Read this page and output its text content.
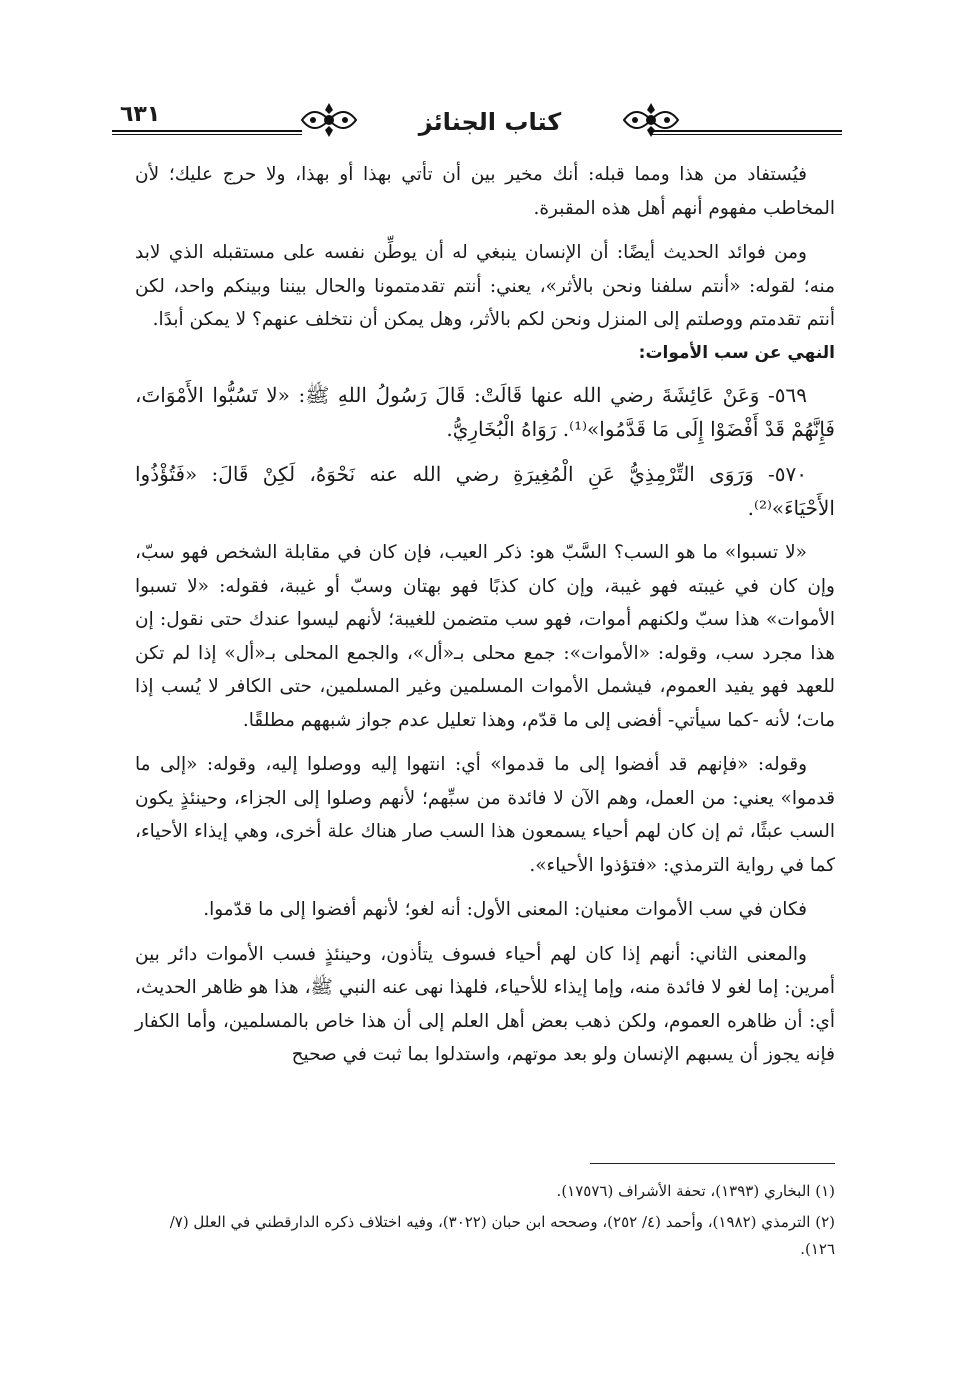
٦٣١	كتاب الجنائز

فيُستفاد من هذا ومما قبله: أنك مخير بين أن تأتي بهذا أو بهذا، ولا حرج عليك؛ لأن المخاطب مفهوم أنهم أهل هذه المقبرة.

ومن فوائد الحديث أيضًا: أن الإنسان ينبغي له أن يوطِّن نفسه على مستقبله الذي لابد منه؛ لقوله: «أنتم سلفنا ونحن بالأثر»، يعني: أنتم تقدمتمونا والحال بيننا وبينكم واحد، لكن أنتم تقدمتم ووصلتم إلى المنزل ونحن لكم بالأثر، وهل يمكن أن نتخلف عنهم؟ لا يمكن أبدًا.

النهي عن سب الأموات:

٥٦٩- وَعَنْ عَائِشَةَ رضي الله عنها قَالَتْ: قَالَ رَسُولُ اللهِ ﷺ: «لا تَسُبُّوا الأَمْوَاتَ، فَإِنَّهُمْ قَدْ أَفْضَوْا إِلَى مَا قَدَّمُوا»⁽¹⁾. رَوَاهُ الْبُخَارِيُّ.

٥٧٠- وَرَوَى التِّرْمِذِيُّ عَنِ الْمُغِيرَةِ رضي الله عنه نَحْوَهُ، لَكِنْ قَالَ: «فَتُؤْذُوا الأَحْيَاءَ»⁽²⁾.

«لا تسبوا» ما هو السب؟ السَّبّ هو: ذكر العيب، فإن كان في مقابلة الشخص فهو سبّ، وإن كان في غيبته فهو غيبة، وإن كان كذبًا فهو بهتان وسبّ أو غيبة، فقوله: «لا تسبوا الأموات» هذا سبّ ولكنهم أموات، فهو سب متضمن للغيبة؛ لأنهم ليسوا عندك حتى نقول: إن هذا مجرد سب، وقوله: «الأموات»: جمع محلى بـ«أل»، والجمع المحلى بـ«أل» إذا لم تكن للعهد فهو يفيد العموم، فيشمل الأموات المسلمين وغير المسلمين، حتى الكافر لا يُسب إذا مات؛ لأنه -كما سيأتي- أفضى إلى ما قدّم، وهذا تعليل عدم جواز شبههم مطلقًا.

وقوله: «فإنهم قد أفضوا إلى ما قدموا» أي: انتهوا إليه ووصلوا إليه، وقوله: «إلى ما قدموا» يعني: من العمل، وهم الآن لا فائدة من سبِّهم؛ لأنهم وصلوا إلى الجزاء، وحينئذٍ يكون السب عبثًا، ثم إن كان لهم أحياء يسمعون هذا السب صار هناك علة أخرى، وهي إيذاء الأحياء، كما في رواية الترمذي: «فتؤذوا الأحياء».

فكان في سب الأموات معنيان: المعنى الأول: أنه لغو؛ لأنهم أفضوا إلى ما قدّموا.

والمعنى الثاني: أنهم إذا كان لهم أحياء فسوف يتأذون، وحينئذٍ فسب الأموات دائر بين أمرين: إما لغو لا فائدة منه، وإما إيذاء للأحياء، فلهذا نهى عنه النبي ﷺ، هذا هو ظاهر الحديث، أي: أن ظاهره العموم، ولكن ذهب بعض أهل العلم إلى أن هذا خاص بالمسلمين، وأما الكفار فإنه يجوز أن يسبهم الإنسان ولو بعد موتهم، واستدلوا بما ثبت في صحيح

(١) البخاري (١٣٩٣)، تحفة الأشراف (١٧٥٧٦).

(٢) الترمذي (١٩٨٢)، وأحمد (٤/ ٢٥٢)، وصححه ابن حبان (٣٠٢٢)، وفيه اختلاف ذكره الدارقطني في العلل (٧/ ١٢٦).
